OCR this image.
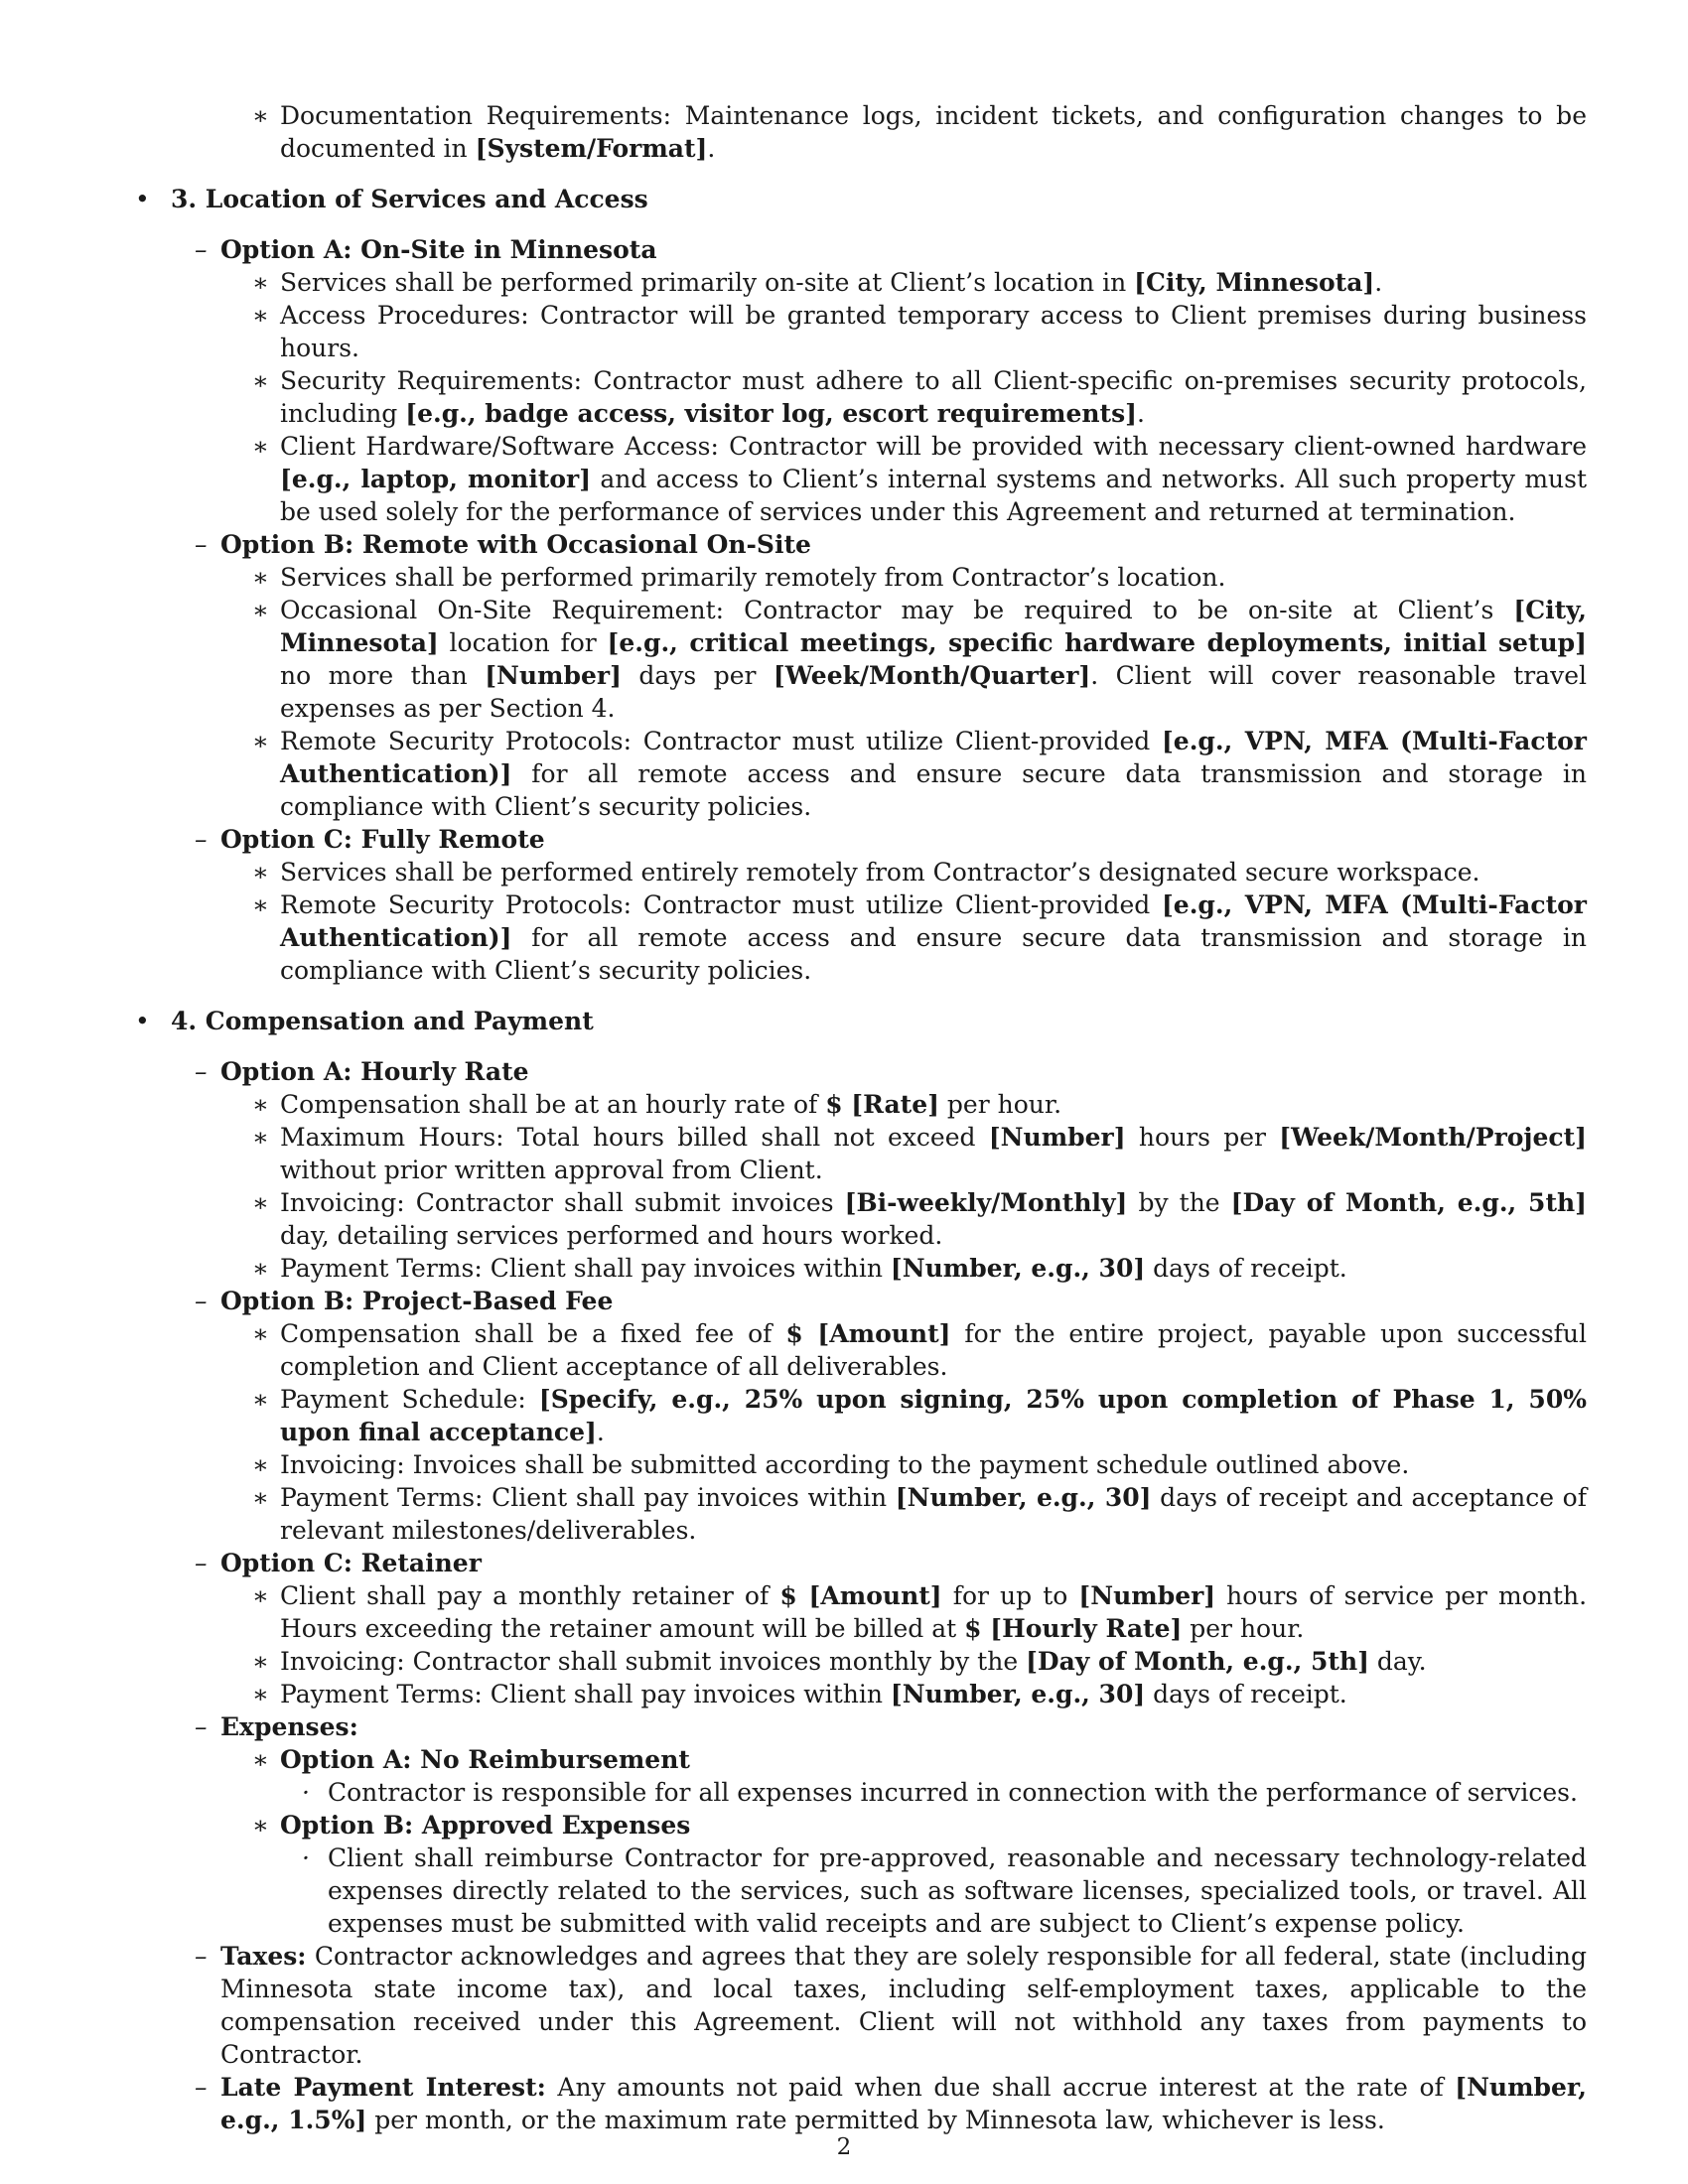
∗ Documentation Requirements: Maintenance logs, incident tickets, and configuration changes to be documented in [System/Format].

• 3. Location of Services and Access

– Option A: On-Site in Minnesota

∗ Services shall be performed primarily on-site at Client’s location in [City, Minnesota].

∗ Access Procedures: Contractor will be granted temporary access to Client premises during business hours.

∗ Security Requirements: Contractor must adhere to all Client-specific on-premises security protocols, including [e.g., badge access, visitor log, escort requirements].

∗ Client Hardware/Software Access: Contractor will be provided with necessary client-owned hardware [e.g., laptop, monitor] and access to Client’s internal systems and networks. All such property must be used solely for the performance of services under this Agreement and returned at termination.

– Option B: Remote with Occasional On-Site

∗ Services shall be performed primarily remotely from Contractor’s location.

∗ Occasional On-Site Requirement: Contractor may be required to be on-site at Client’s [City, Minnesota] location for [e.g., critical meetings, specific hardware deployments, initial setup] no more than [Number] days per [Week/Month/Quarter]. Client will cover reasonable travel expenses as per Section 4.

∗ Remote Security Protocols: Contractor must utilize Client-provided [e.g., VPN, MFA (Multi-Factor Authentication)] for all remote access and ensure secure data transmission and storage in compliance with Client’s security policies.

– Option C: Fully Remote

∗ Services shall be performed entirely remotely from Contractor’s designated secure workspace.

∗ Remote Security Protocols: Contractor must utilize Client-provided [e.g., VPN, MFA (Multi-Factor Authentication)] for all remote access and ensure secure data transmission and storage in compliance with Client’s security policies.

• 4. Compensation and Payment

– Option A: Hourly Rate

∗ Compensation shall be at an hourly rate of $ [Rate] per hour.

∗ Maximum Hours: Total hours billed shall not exceed [Number] hours per [Week/Month/Project] without prior written approval from Client.

∗ Invoicing: Contractor shall submit invoices [Bi-weekly/Monthly] by the [Day of Month, e.g., 5th] day, detailing services performed and hours worked.

∗ Payment Terms: Client shall pay invoices within [Number, e.g., 30] days of receipt.

– Option B: Project-Based Fee

∗ Compensation shall be a fixed fee of $ [Amount] for the entire project, payable upon successful completion and Client acceptance of all deliverables.

∗ Payment Schedule: [Specify, e.g., 25% upon signing, 25% upon completion of Phase 1, 50% upon final acceptance].

∗ Invoicing: Invoices shall be submitted according to the payment schedule outlined above.

∗ Payment Terms: Client shall pay invoices within [Number, e.g., 30] days of receipt and acceptance of relevant milestones/deliverables.

– Option C: Retainer

∗ Client shall pay a monthly retainer of $ [Amount] for up to [Number] hours of service per month. Hours exceeding the retainer amount will be billed at $ [Hourly Rate] per hour.

∗ Invoicing: Contractor shall submit invoices monthly by the [Day of Month, e.g., 5th] day.

∗ Payment Terms: Client shall pay invoices within [Number, e.g., 30] days of receipt.

– Expenses:

∗ Option A: No Reimbursement

· Contractor is responsible for all expenses incurred in connection with the performance of services.

∗ Option B: Approved Expenses

· Client shall reimburse Contractor for pre-approved, reasonable and necessary technology-related expenses directly related to the services, such as software licenses, specialized tools, or travel. All expenses must be submitted with valid receipts and are subject to Client’s expense policy.

– Taxes: Contractor acknowledges and agrees that they are solely responsible for all federal, state (including Minnesota state income tax), and local taxes, including self-employment taxes, applicable to the compensation received under this Agreement. Client will not withhold any taxes from payments to Contractor.

– Late Payment Interest: Any amounts not paid when due shall accrue interest at the rate of [Number, e.g., 1.5%] per month, or the maximum rate permitted by Minnesota law, whichever is less.

2
